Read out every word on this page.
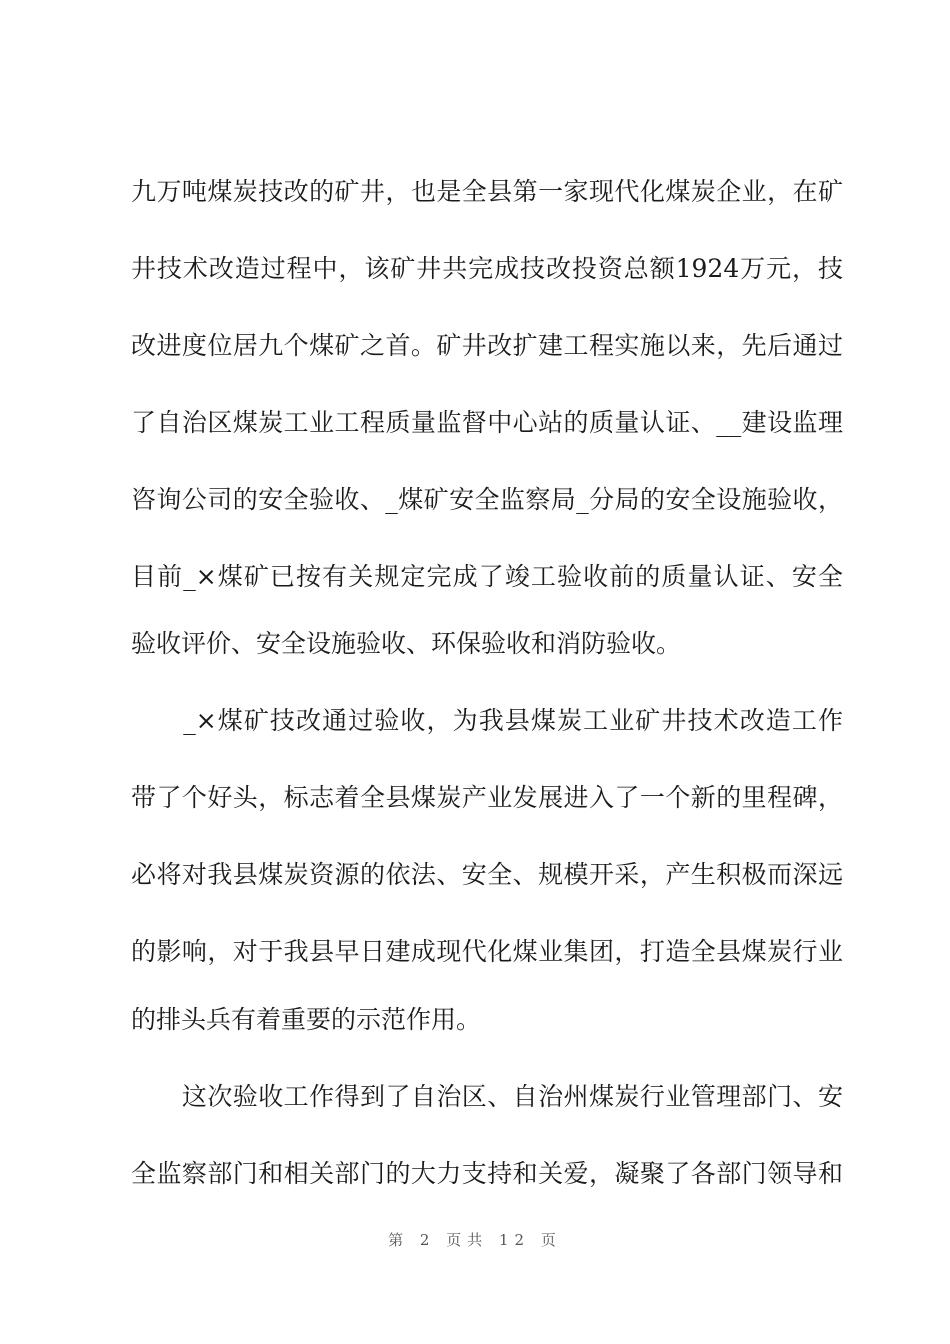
九万吨煤炭技改的矿井，也是全县第一家现代化煤炭企业，在矿
井技术改造过程中，该矿井共完成技改投资总额1924万元，技
改进度位居九个煤矿之首。矿井改扩建工程实施以来，先后通过
了自治区煤炭工业工程质量监督中心站的质量认证、__建设监理
咨询公司的安全验收、_煤矿安全监察局_分局的安全设施验收，
目前_×煤矿已按有关规定完成了竣工验收前的质量认证、安全
验收评价、安全设施验收、环保验收和消防验收。
　　_×煤矿技改通过验收，为我县煤炭工业矿井技术改造工作
带了个好头，标志着全县煤炭产业发展进入了一个新的里程碑，
必将对我县煤炭资源的依法、安全、规模开采，产生积极而深远
的影响，对于我县早日建成现代化煤业集团，打造全县煤炭行业
的排头兵有着重要的示范作用。
　　这次验收工作得到了自治区、自治州煤炭行业管理部门、安
全监察部门和相关部门的大力支持和关爱，凝聚了各部门领导和
第 2 页共 12 页
